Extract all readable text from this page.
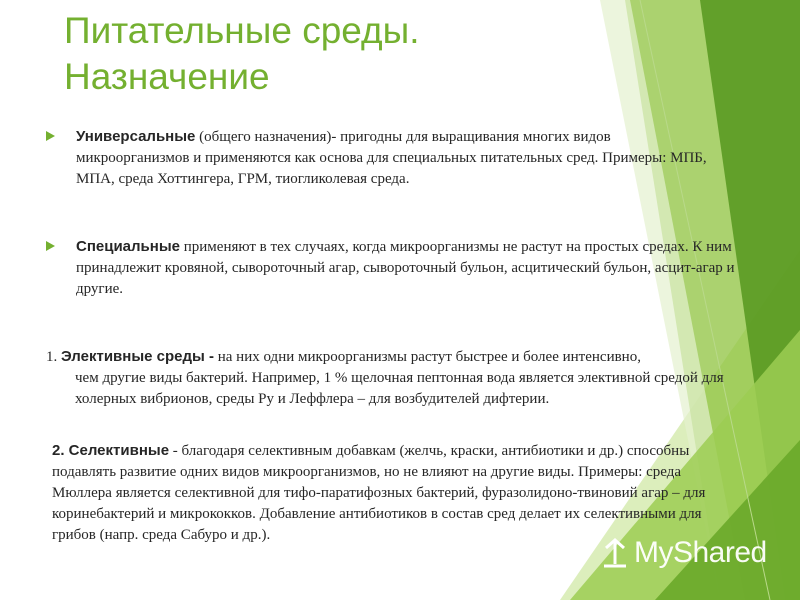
Питательные среды.
Назначение
Универсальные (общего назначения)- пригодны для выращивания многих видов микроорганизмов и применяются как основа для специальных питательных сред. Примеры: МПБ, МПА, среда Хоттингера, ГРМ, тиогликолевая среда.
Специальные применяют в тех случаях, когда микроорганизмы не растут на простых средах. К ним принадлежит кровяной, сывороточный агар, сывороточный бульон, асцитический бульон, асцит-агар и другие.
1. Элективные среды - на них одни микроорганизмы растут быстрее и более интенсивно,
чем другие виды бактерий. Например, 1 % щелочная пептонная вода является элективной средой для холерных вибрионов, среды Ру и Леффлера – для возбудителей дифтерии.
2. Селективные - благодаря селективным добавкам (желчь, краски, антибиотики и др.) способны подавлять развитие одних видов микроорганизмов, но не влияют на другие виды. Примеры: среда Мюллера является селективной для тифо-паратифозных бактерий, фуразолидоно-твиновий агар – для коринебактерий и микрококков. Добавление антибиотиков в состав сред делает их селективными для грибов (напр. среда Сабуро и др.).
MyShared
